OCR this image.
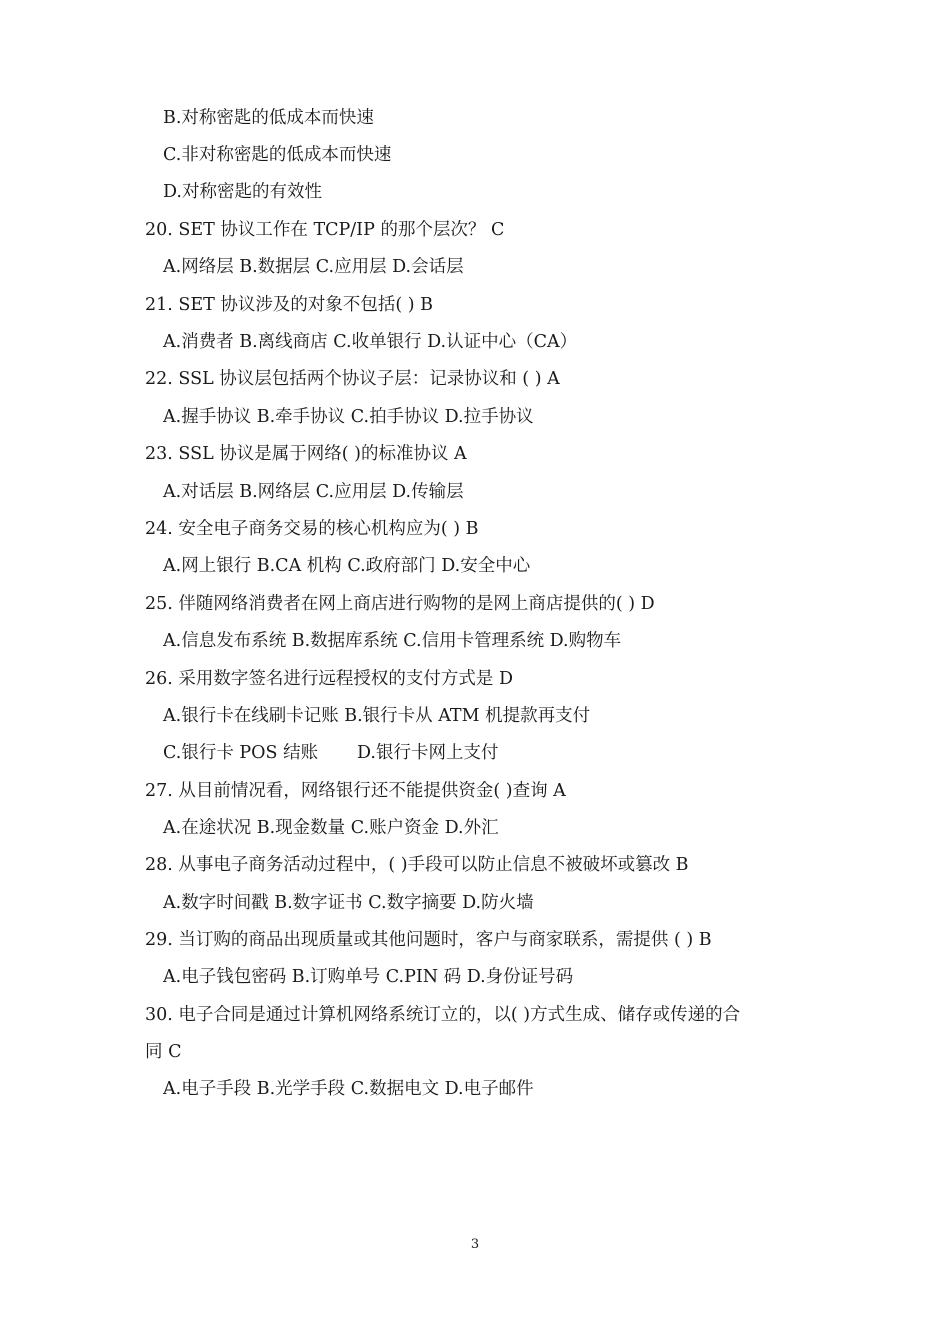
B.对称密匙的低成本而快速
C.非对称密匙的低成本而快速
D.对称密匙的有效性
20. SET 协议工作在 TCP/IP 的那个层次？ C
A.网络层 B.数据层 C.应用层 D.会话层
21. SET 协议涉及的对象不包括( ) B
A.消费者 B.离线商店 C.收单银行 D.认证中心（CA）
22. SSL 协议层包括两个协议子层：记录协议和 ( ) A
A.握手协议 B.牵手协议 C.拍手协议 D.拉手协议
23. SSL 协议是属于网络( )的标准协议 A
A.对话层 B.网络层 C.应用层 D.传输层
24. 安全电子商务交易的核心机构应为( ) B
A.网上银行 B.CA 机构 C.政府部门 D.安全中心
25. 伴随网络消费者在网上商店进行购物的是网上商店提供的( ) D
A.信息发布系统 B.数据库系统 C.信用卡管理系统 D.购物车
26. 采用数字签名进行远程授权的支付方式是 D
A.银行卡在线刷卡记账 B.银行卡从 ATM 机提款再支付
C.银行卡 POS 结账       D.银行卡网上支付
27. 从目前情况看，网络银行还不能提供资金( )查询 A
A.在途状况 B.现金数量 C.账户资金 D.外汇
28. 从事电子商务活动过程中，( )手段可以防止信息不被破坏或篡改 B
A.数字时间戳 B.数字证书 C.数字摘要 D.防火墙
29. 当订购的商品出现质量或其他问题时，客户与商家联系，需提供 ( ) B
A.电子钱包密码 B.订购单号 C.PIN 码 D.身份证号码
30. 电子合同是通过计算机网络系统订立的，以( )方式生成、储存或传递的合
同 C
A.电子手段 B.光学手段 C.数据电文 D.电子邮件
3
